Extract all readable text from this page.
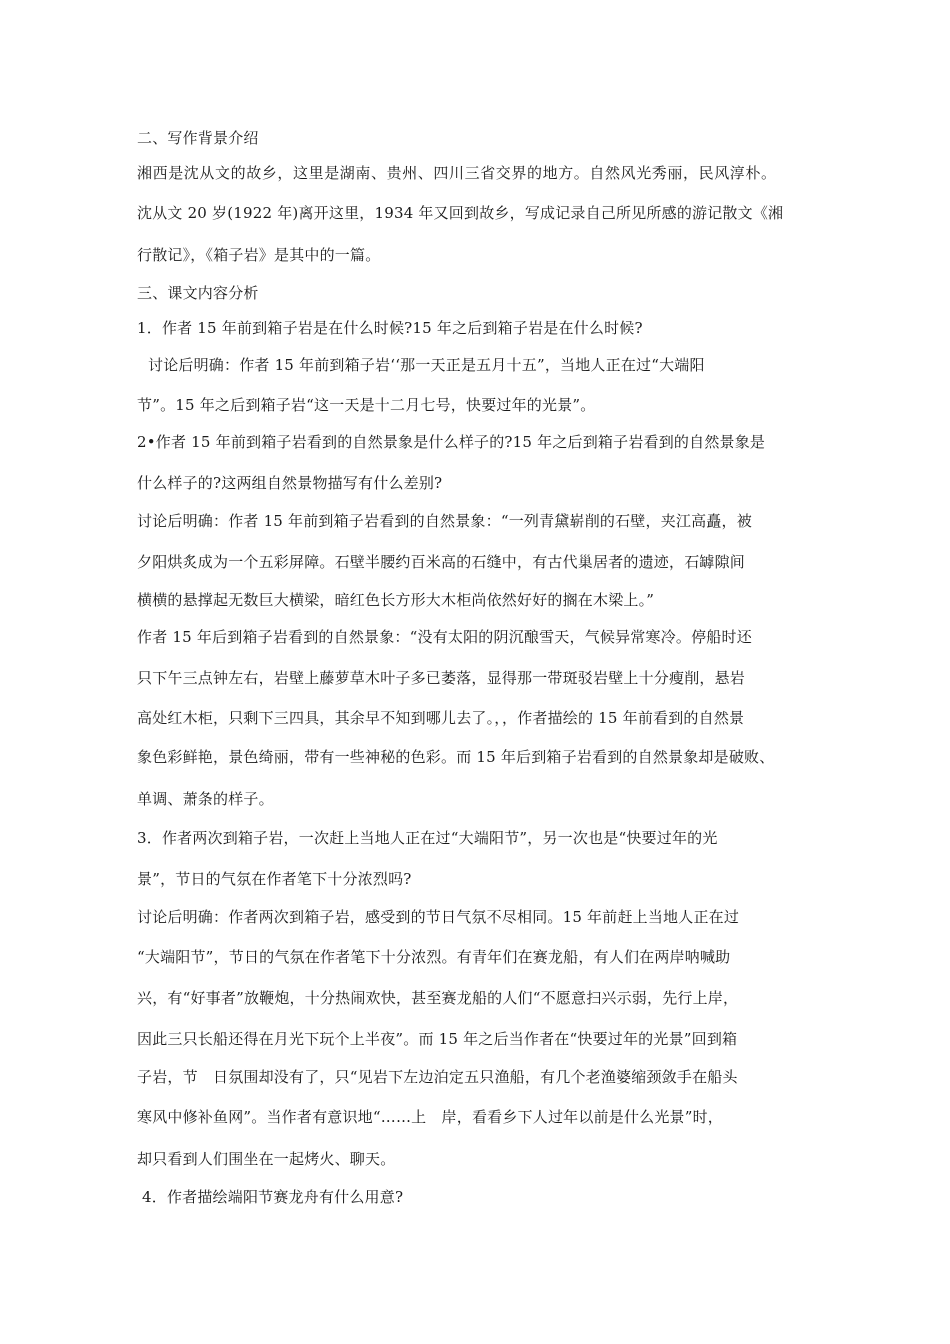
二、写作背景介绍
湘西是沈从文的故乡，这里是湖南、贵州、四川三省交界的地方。自然风光秀丽，民风淳朴。
沈从文 20 岁(1922 年)离开这里，1934 年又回到故乡，写成记录自己所见所感的游记散文《湘
行散记》，《箱子岩》是其中的一篇。
三、课文内容分析
1．作者 15 年前到箱子岩是在什么时候?15 年之后到箱子岩是在什么时候?
讨论后明确：作者 15 年前到箱子岩‘‘那一天正是五月十五”，当地人正在过“大端阳
节”。15 年之后到箱子岩“这一天是十二月七号，快要过年的光景”。
2•作者 15 年前到箱子岩看到的自然景象是什么样子的?15 年之后到箱子岩看到的自然景象是
什么样子的?这两组自然景物描写有什么差别?
讨论后明确：作者 15 年前到箱子岩看到的自然景象：“一列青黛崭削的石壁，夹江高矗，被
夕阳烘炙成为一个五彩屏障。石壁半腰约百米高的石缝中，有古代巢居者的遗迹，石罅隙间
横横的悬撑起无数巨大横梁，暗红色长方形大木柜尚依然好好的搁在木梁上。”
作者 15 年后到箱子岩看到的自然景象：“没有太阳的阴沉酿雪天，气候异常寒冷。停船时还
只下午三点钟左右，岩壁上藤萝草木叶子多已萎落，显得那一带斑驳岩壁上十分瘦削，悬岩
高处红木柜，只剩下三四具，其余早不知到哪儿去了。，，作者描绘的 15 年前看到的自然景
象色彩鲜艳，景色绮丽，带有一些神秘的色彩。而 15 年后到箱子岩看到的自然景象却是破败、
单调、萧条的样子。
3．作者两次到箱子岩，一次赶上当地人正在过“大端阳节”，另一次也是“快要过年的光
景”，节日的气氛在作者笔下十分浓烈吗?
讨论后明确：作者两次到箱子岩，感受到的节日气氛不尽相同。15 年前赶上当地人正在过
“大端阳节”，节日的气氛在作者笔下十分浓烈。有青年们在赛龙船，有人们在两岸呐喊助
兴，有“好事者”放鞭炮，十分热闹欢快，甚至赛龙船的人们“不愿意扫兴示弱，先行上岸，
因此三只长船还得在月光下玩个上半夜”。而 15 年之后当作者在“快要过年的光景”回到箱
子岩，节　日氛围却没有了，只“见岩下左边泊定五只渔船，有几个老渔婆缩颈敛手在船头
寒风中修补鱼网”。当作者有意识地“……上　岸，看看乡下人过年以前是什么光景”时，
却只看到人们围坐在一起烤火、聊天。
4．作者描绘端阳节赛龙舟有什么用意?
